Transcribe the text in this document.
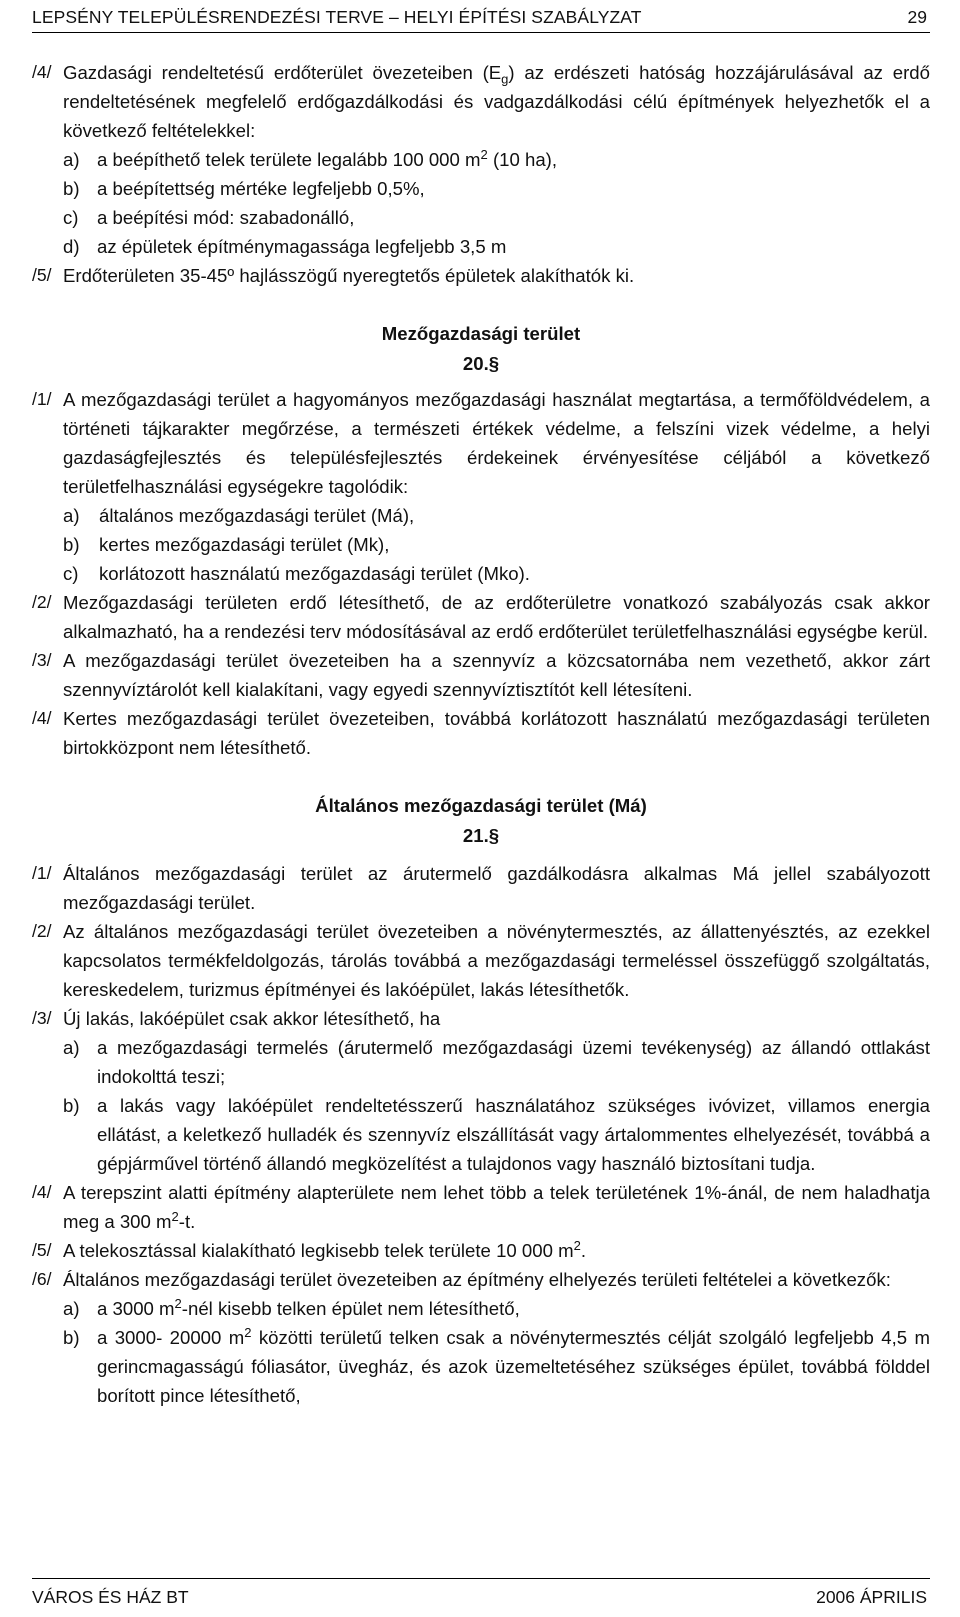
LEPSÉNY TELEPÜLÉSRENDEZÉSI TERVE – HELYI ÉPÍTÉSI SZABÁLYZAT	29
/4/ Gazdasági rendeltetésű erdőterület övezeteiben $(E_g)$ az erdészeti hatóság hozzájárulásával az erdő rendeltetésének megfelelő erdőgazdálkodási és vadgazdálkodási célú építmények helyezhetők el a következő feltételekkel:
a) a beépíthető telek területe legalább 100 000 $m^2$ (10 ha),
b) a beépítettség mértéke legfeljebb 0,5%,
c) a beépítési mód: szabadonálló,
d) az épületek építménymagassága legfeljebb 3,5 m
/5/ Erdőterületen 35-45º hajlásszögű nyeregtetős épületek alakíthatók ki.
Mezőgazdasági terület
20.§
/1/ A mezőgazdasági terület a hagyományos mezőgazdasági használat megtartása, a termőföldvédelem, a történeti tájkarakter megőrzése, a természeti értékek védelme, a felszíni vizek védelme, a helyi gazdaságfejlesztés és településfejlesztés érdekeinek érvényesítése céljából a következő területfelhasználási egységekre tagolódik:
a)	általános mezőgazdasági terület (Má),
b)	kertes mezőgazdasági terület (Mk),
c)	korlátozott használatú mezőgazdasági terület (Mko).
/2/ Mezőgazdasági területen erdő létesíthető, de az erdőterületre vonatkozó szabályozás csak akkor alkalmazható, ha a rendezési terv módosításával az erdő erdőterület területfelhasználási egységbe kerül.
/3/ A mezőgazdasági terület övezeteiben ha a szennyvíz a közcsatornába nem vezethető, akkor zárt szennyvíztárolót kell kialakítani, vagy egyedi szennyvíztisztítót kell létesíteni.
/4/ Kertes mezőgazdasági terület övezeteiben, továbbá korlátozott használatú mezőgazdasági területen birtokközpont nem létesíthető.
Általános mezőgazdasági terület (Má)
21.§
/1/ Általános mezőgazdasági terület az árutermelő gazdálkodásra alkalmas Má jellel szabályozott mezőgazdasági terület.
/2/ Az általános mezőgazdasági terület övezeteiben a növénytermesztés, az állattenyésztés, az ezekkel kapcsolatos termékfeldolgozás, tárolás továbbá a mezőgazdasági termeléssel összefüggő szolgáltatás, kereskedelem, turizmus építményei és lakóépület, lakás létesíthetők.
/3/ Új lakás, lakóépület csak akkor létesíthető, ha
a) a mezőgazdasági termelés (árutermelő mezőgazdasági üzemi tevékenység) az állandó ottlakást indokolttá teszi;
b) a lakás vagy lakóépület rendeltetésszerű használatához szükséges ivóvizet, villamos energia ellátást, a keletkező hulladék és szennyvíz elszállítását vagy ártalommentes elhelyezését, továbbá a gépjárművel történő állandó megközelítést a tulajdonos vagy használó biztosítani tudja.
/4/ A terepszint alatti építmény alapterülete nem lehet több a telek területének 1%-ánál, de nem haladhatja meg a 300 $m^2-t$.
/5/ A telekosztással kialakítható legkisebb telek területe 10 000 $m^2$.
/6/ Általános mezőgazdasági terület övezeteiben az építmény elhelyezés területi feltételei a következők:
a) a 3000 $m^2$-nél kisebb telken épület nem létesíthető,
b) a 3000- 20000 $m^2$ közötti területű telken csak a növénytermesztés célját szolgáló legfeljebb 4,5 m gerincmagasságú fóliasátor, üvegház, és azok üzemeltetéséhez szükséges épület, továbbá földdel borított pince létesíthető,
VÁROS ÉS HÁZ BT	2006 ÁPRILIS
